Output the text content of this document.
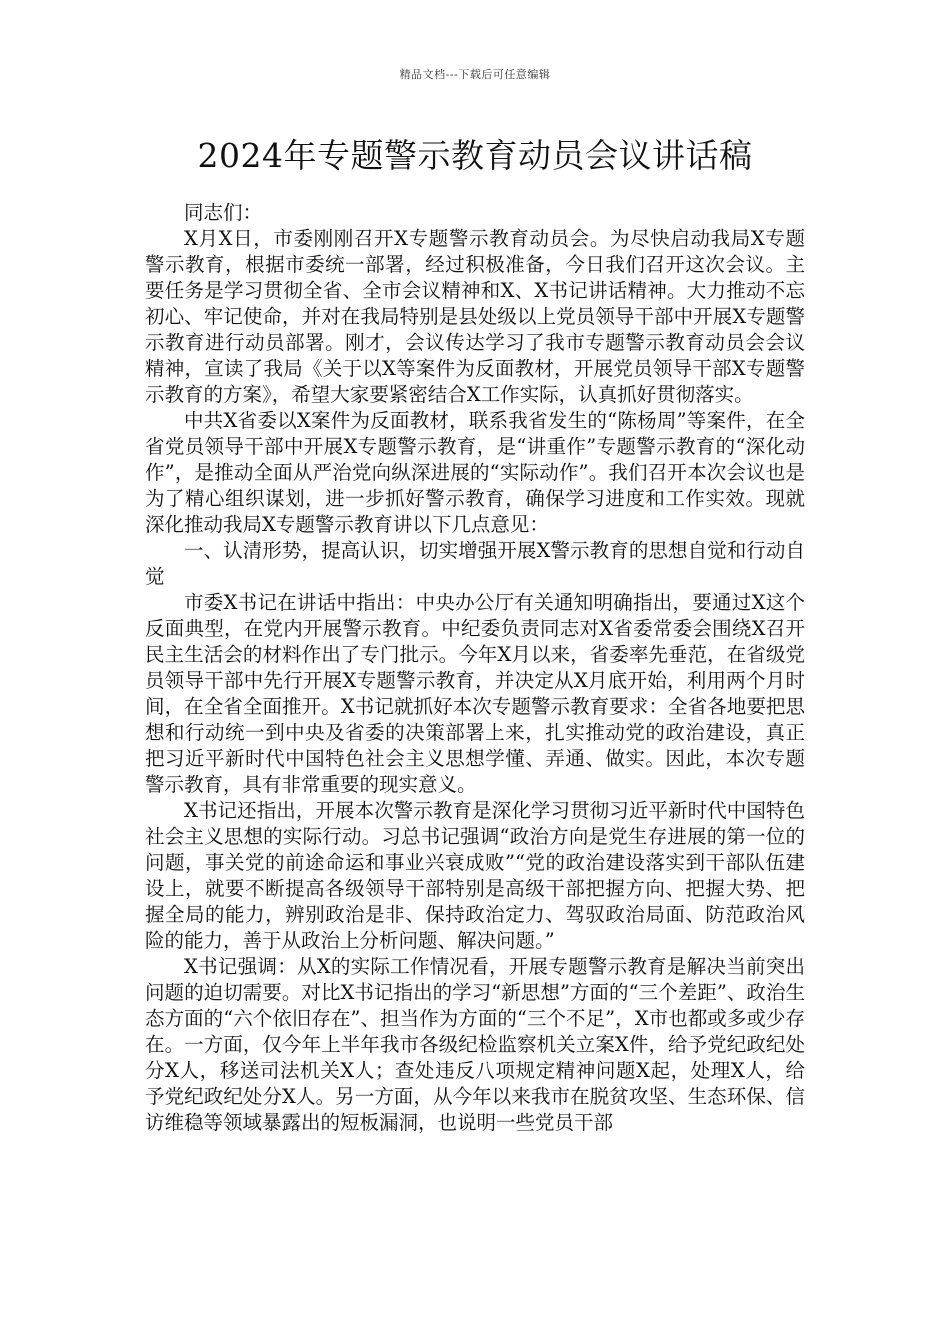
精品文档---下载后可任意编辑
2024年专题警示教育动员会议讲话稿

同志们：

X月X日，市委刚刚召开X专题警示教育动员会。为尽快启动我局X专题警示教育，根据市委统一部署，经过积极准备，今日我们召开这次会议。主要任务是学习贯彻全省、全市会议精神和X、X书记讲话精神。大力推动不忘初心、牢记使命，并对在我局特别是县处级以上党员领导干部中开展X专题警示教育进行动员部署。刚才，会议传达学习了我市专题警示教育动员会会议精神，宣读了我局《关于以X等案件为反面教材，开展党员领导干部X专题警示教育的方案》，希望大家要紧密结合X工作实际，认真抓好贯彻落实。

中共X省委以X案件为反面教材，联系我省发生的“陈杨周”等案件，在全省党员领导干部中开展X专题警示教育，是“讲重作”专题警示教育的“深化动作”，是推动全面从严治党向纵深进展的“实际动作”。我们召开本次会议也是为了精心组织谋划，进一步抓好警示教育，确保学习进度和工作实效。现就深化推动我局X专题警示教育讲以下几点意见：

一、认清形势，提高认识，切实增强开展X警示教育的思想自觉和行动自觉

市委X书记在讲话中指出：中央办公厅有关通知明确指出，要通过X这个反面典型，在党内开展警示教育。中纪委负责同志对X省委常委会围绕X召开民主生活会的材料作出了专门批示。今年X月以来，省委率先垂范，在省级党员领导干部中先行开展X专题警示教育，并决定从X月底开始，利用两个月时间，在全省全面推开。X书记就抓好本次专题警示教育要求：全省各地要把思想和行动统一到中央及省委的决策部署上来，扎实推动党的政治建设，真正把习近平新时代中国特色社会主义思想学懂、弄通、做实。因此，本次专题警示教育，具有非常重要的现实意义。

X书记还指出，开展本次警示教育是深化学习贯彻习近平新时代中国特色社会主义思想的实际行动。习总书记强调“政治方向是党生存进展的第一位的问题，事关党的前途命运和事业兴衰成败”“党的政治建设落实到干部队伍建设上，就要不断提高各级领导干部特别是高级干部把握方向、把握大势、把握全局的能力，辨别政治是非、保持政治定力、驾驭政治局面、防范政治风险的能力，善于从政治上分析问题、解决问题。”

X书记强调：从X的实际工作情况看，开展专题警示教育是解决当前突出问题的迫切需要。对比X书记指出的学习“新思想”方面的“三个差距”、政治生态方面的“六个依旧存在”、担当作为方面的“三个不足”，X市也都或多或少存在。一方面，仅今年上半年我市各级纪检监察机关立案X件，给予党纪政纪处分X人，移送司法机关X人；查处违反八项规定精神问题X起，处理X人，给予党纪政纪处分X人。另一方面，从今年以来我市在脱贫攻坚、生态环保、信访维稳等领域暴露出的短板漏洞，也说明一些党员干部
